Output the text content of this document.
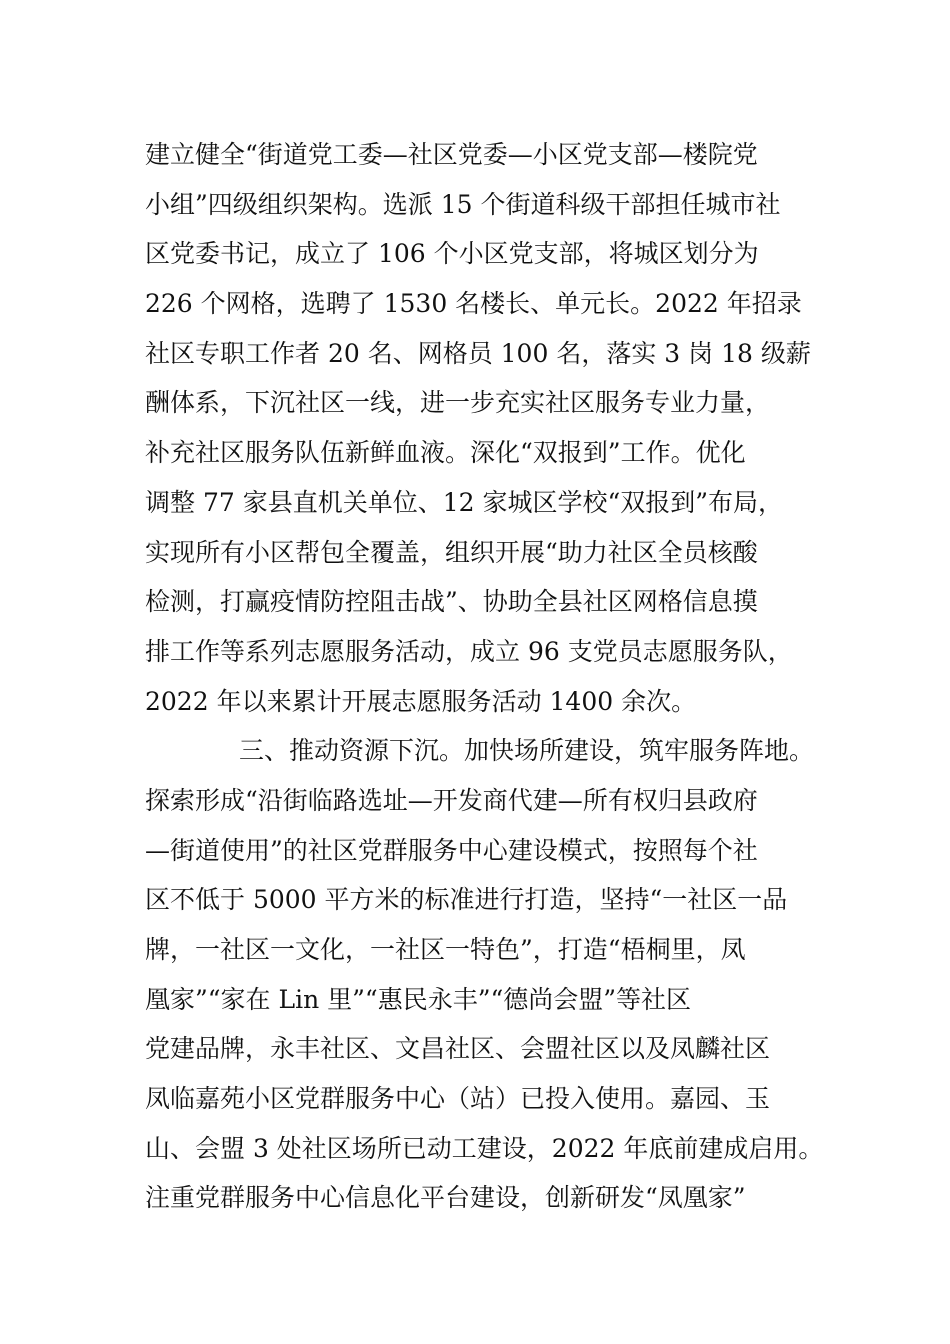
建立健全“街道党工委—社区党委—小区党支部—楼院党
小组”四级组织架构。选派 15 个街道科级干部担任城市社
区党委书记，成立了 106 个小区党支部，将城区划分为
226 个网格，选聘了 1530 名楼长、单元长。2022 年招录
社区专职工作者 20 名、网格员 100 名，落实 3 岗 18 级薪
酬体系，下沉社区一线，进一步充实社区服务专业力量，
补充社区服务队伍新鲜血液。深化“双报到”工作。优化
调整 77 家县直机关单位、12 家城区学校“双报到”布局，
实现所有小区帮包全覆盖，组织开展“助力社区全员核酸
检测，打赢疫情防控阻击战”、协助全县社区网格信息摸
排工作等系列志愿服务活动，成立 96 支党员志愿服务队，
2022 年以来累计开展志愿服务活动 1400 余次。
三、推动资源下沉。加快场所建设，筑牢服务阵地。
探索形成“沿街临路选址—开发商代建—所有权归县政府
—街道使用”的社区党群服务中心建设模式，按照每个社
区不低于 5000 平方米的标准进行打造，坚持“一社区一品
牌，一社区一文化，一社区一特色”，打造“梧桐里，凤
凰家”“家在 Lin 里”“惠民永丰”“德尚会盟”等社区
党建品牌，永丰社区、文昌社区、会盟社区以及凤麟社区
凤临嘉苑小区党群服务中心（站）已投入使用。嘉园、玉
山、会盟 3 处社区场所已动工建设，2022 年底前建成启用。
注重党群服务中心信息化平台建设，创新研发“凤凰家”
